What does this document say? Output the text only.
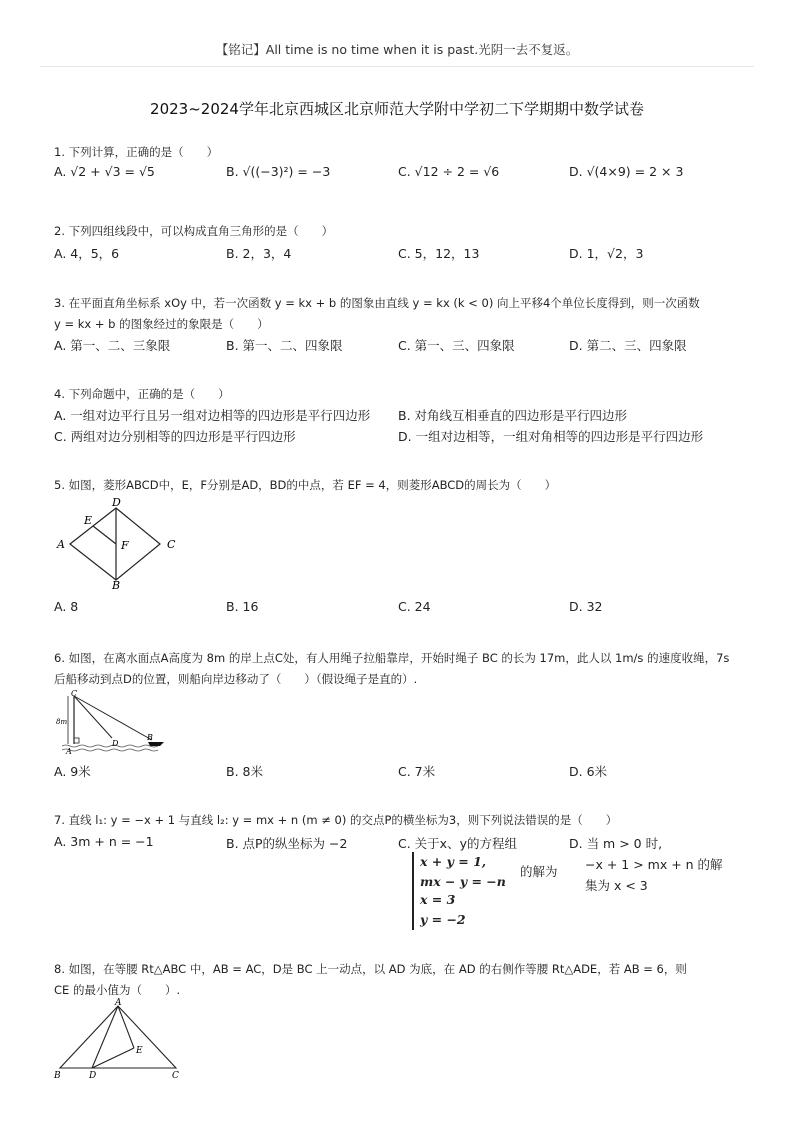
【铭记】All time is no time when it is past.光阴一去不复返。
2023~2024学年北京西城区北京师范大学附中学初二下学期期中数学试卷
1. 下列计算，正确的是（　　）
A. √2 + √3 = √5	B. √((−3)²) = −3	C. √12 ÷ 2 = √6	D. √(4×9) = 2 × 3
2. 下列四组线段中，可以构成直角三角形的是（　　）
A. 4，5，6	B. 2，3，4	C. 5，12，13	D. 1，√2，3
3. 在平面直角坐标系 xOy 中，若一次函数 y = kx + b 的图象由直线 y = kx (k < 0) 向上平移4个单位长度得到，则一次函数
y = kx + b 的图象经过的象限是（　　）
A. 第一、二、三象限	B. 第一、二、四象限	C. 第一、三、四象限	D. 第二、三、四象限
4. 下列命题中，正确的是（　　）
A. 一组对边平行且另一组对边相等的四边形是平行四边形 B. 对角线互相垂直的四边形是平行四边形
C. 两组对边分别相等的四边形是平行四边形	D. 一组对边相等，一组对角相等的四边形是平行四边形
5. 如图，菱形ABCD中，E，F分别是AD，BD的中点，若 EF = 4，则菱形ABCD的周长为（　　）
A
B
C
D
E
F
A. 8	B. 16	C. 24	D. 32
6. 如图，在离水面点A高度为 8m 的岸上点C处，有人用绳子拉船靠岸，开始时绳子 BC 的长为 17m，此人以 1m/s 的速度收绳，7s
后船移动到点D的位置，则船向岸边移动了（　　）（假设绳子是直的）.
C
8m
A
D
B
A. 9米	B. 8米	C. 7米	D. 6米
7. 直线 l₁: y = −x + 1 与直线 l₂: y = mx + n (m ≠ 0) 的交点P的横坐标为3，则下列说法错误的是（　　）
A. 3m + n = −1	B. 点P的纵坐标为 −2	C. 关于x、y的方程组
x + y = 1,
mx − y = −n
的解为
x = 3
y = −2
D. 当 m > 0 时,
−x + 1 > mx + n 的解
集为 x < 3
8. 如图，在等腰 Rt△ABC 中，AB = AC，D是 BC 上一动点，以 AD 为底，在 AD 的右侧作等腰 Rt△ADE，若 AB = 6，则
CE 的最小值为（　　）.
A
B	D
E
C
